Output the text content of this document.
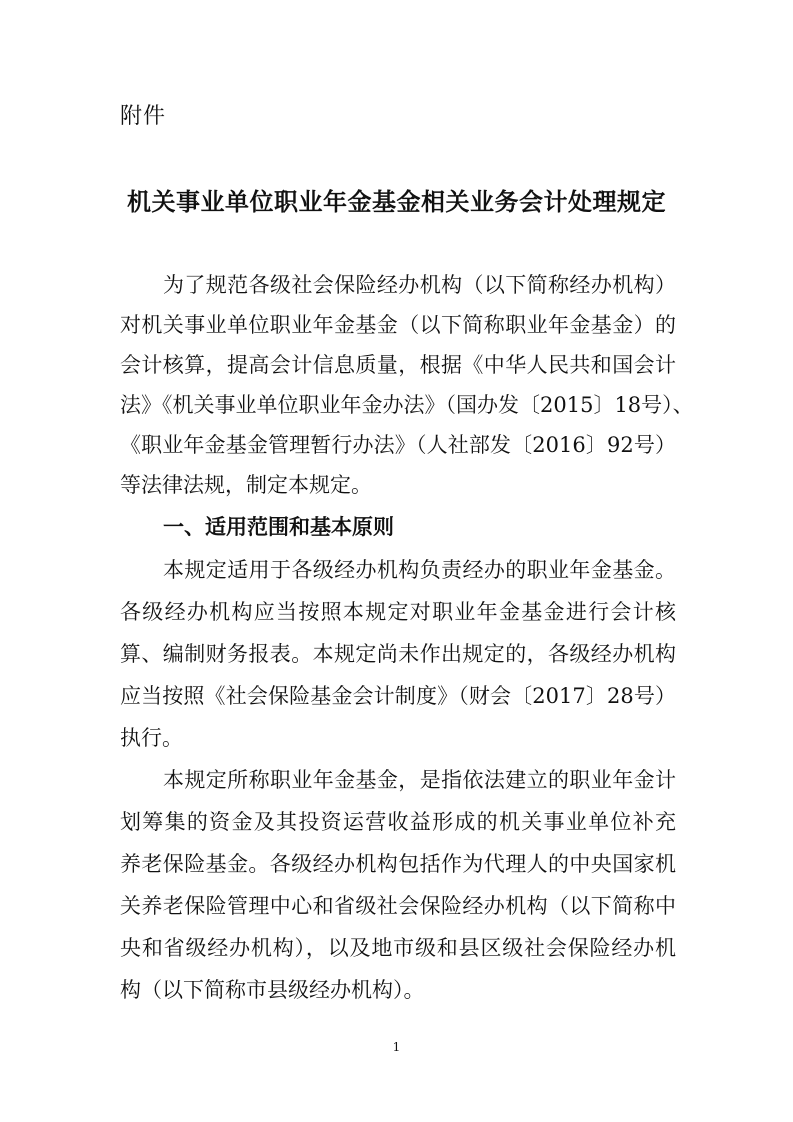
附件
机关事业单位职业年金基金相关业务会计处理规定
为了规范各级社会保险经办机构（以下简称经办机构）
对机关事业单位职业年金基金（以下简称职业年金基金）的
会计核算，提高会计信息质量，根据《中华人民共和国会计
法》《机关事业单位职业年金办法》（国办发〔2015〕18号）、
《职业年金基金管理暂行办法》（人社部发〔2016〕92号）
等法律法规，制定本规定。
一、适用范围和基本原则
本规定适用于各级经办机构负责经办的职业年金基金。
各级经办机构应当按照本规定对职业年金基金进行会计核
算、编制财务报表。本规定尚未作出规定的，各级经办机构
应当按照《社会保险基金会计制度》（财会〔2017〕28号）
执行。
本规定所称职业年金基金，是指依法建立的职业年金计
划筹集的资金及其投资运营收益形成的机关事业单位补充
养老保险基金。各级经办机构包括作为代理人的中央国家机
关养老保险管理中心和省级社会保险经办机构（以下简称中
央和省级经办机构），以及地市级和县区级社会保险经办机
构（以下简称市县级经办机构）。
1
